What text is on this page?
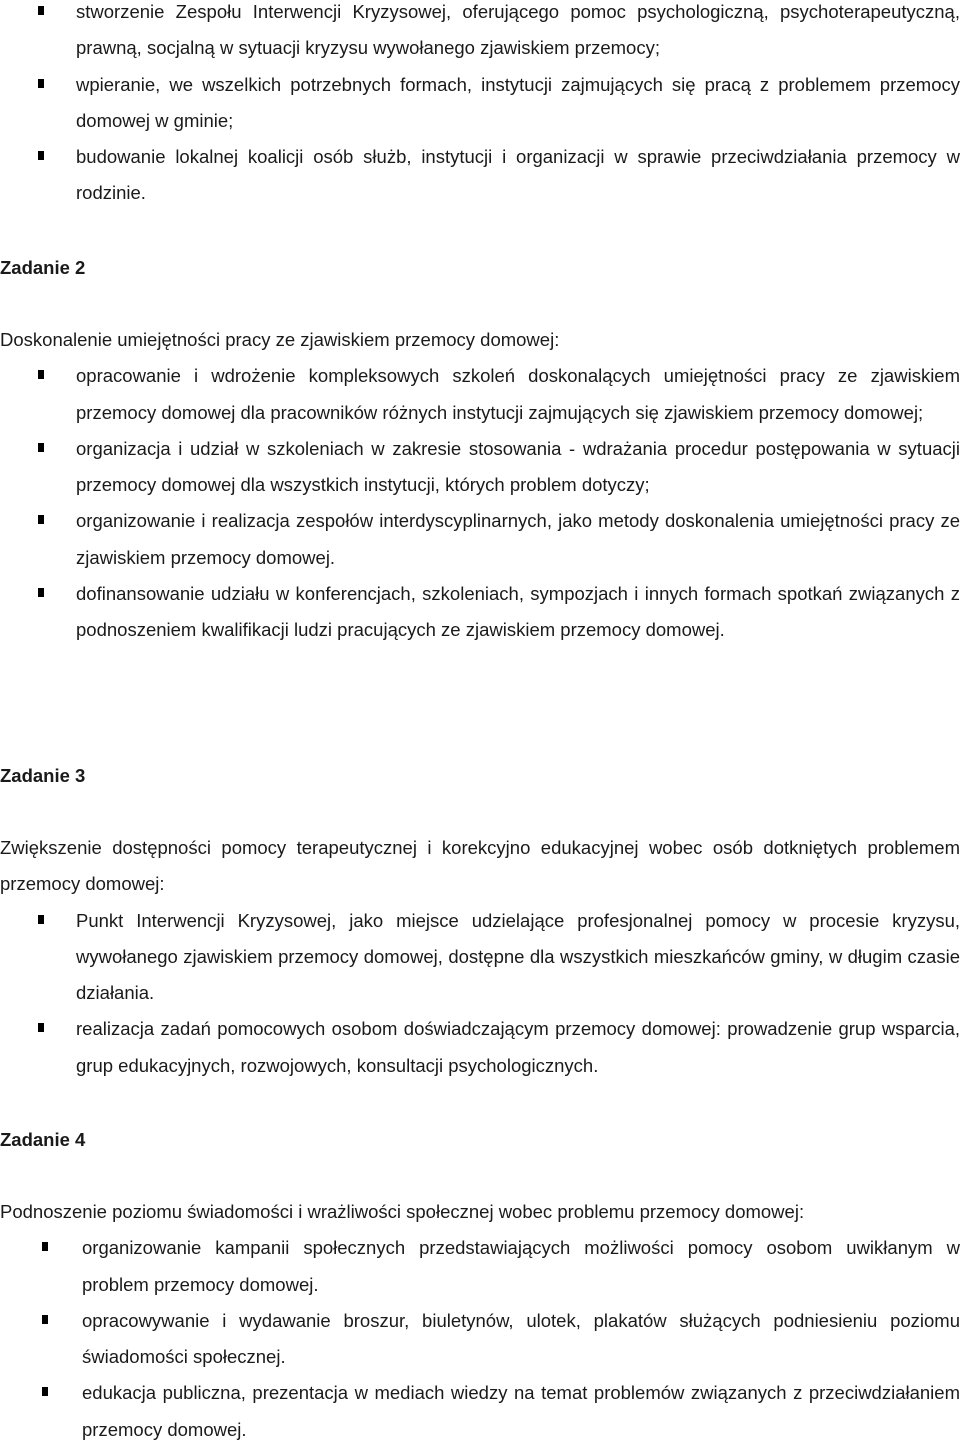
stworzenie Zespołu Interwencji Kryzysowej, oferującego pomoc psychologiczną, psychoterapeutyczną, prawną, socjalną w sytuacji kryzysu wywołanego zjawiskiem przemocy;
wpieranie, we wszelkich potrzebnych formach, instytucji zajmujących się pracą z problemem przemocy domowej w gminie;
budowanie lokalnej koalicji osób służb, instytucji i organizacji w sprawie przeciwdziałania przemocy w rodzinie.
Zadanie 2
Doskonalenie umiejętności pracy ze zjawiskiem przemocy domowej:
opracowanie i wdrożenie kompleksowych szkoleń doskonalących umiejętności pracy ze zjawiskiem przemocy domowej dla pracowników różnych instytucji zajmujących się zjawiskiem przemocy domowej;
organizacja i udział w szkoleniach w zakresie stosowania - wdrażania procedur postępowania w sytuacji przemocy domowej dla wszystkich instytucji, których problem dotyczy;
organizowanie i realizacja zespołów interdyscyplinarnych, jako metody doskonalenia umiejętności pracy ze zjawiskiem przemocy domowej.
dofinansowanie udziału w konferencjach, szkoleniach, sympozjach i innych formach spotkań związanych z podnoszeniem kwalifikacji ludzi pracujących ze zjawiskiem przemocy domowej.
Zadanie 3
Zwiększenie dostępności pomocy terapeutycznej i korekcyjno edukacyjnej wobec osób dotkniętych problemem przemocy domowej:
Punkt Interwencji Kryzysowej, jako miejsce udzielające profesjonalnej pomocy w procesie kryzysu, wywołanego zjawiskiem przemocy domowej, dostępne dla wszystkich mieszkańców gminy, w długim czasie działania.
realizacja zadań pomocowych osobom doświadczającym przemocy domowej: prowadzenie grup wsparcia, grup edukacyjnych, rozwojowych, konsultacji psychologicznych.
Zadanie 4
Podnoszenie poziomu świadomości i wrażliwości społecznej wobec problemu przemocy domowej:
organizowanie kampanii społecznych przedstawiających możliwości pomocy osobom uwikłanym w problem przemocy domowej.
opracowywanie i wydawanie broszur, biuletynów, ulotek, plakatów służących podniesieniu poziomu świadomości społecznej.
edukacja publiczna, prezentacja w mediach wiedzy na temat problemów związanych z przeciwdziałaniem przemocy domowej.
